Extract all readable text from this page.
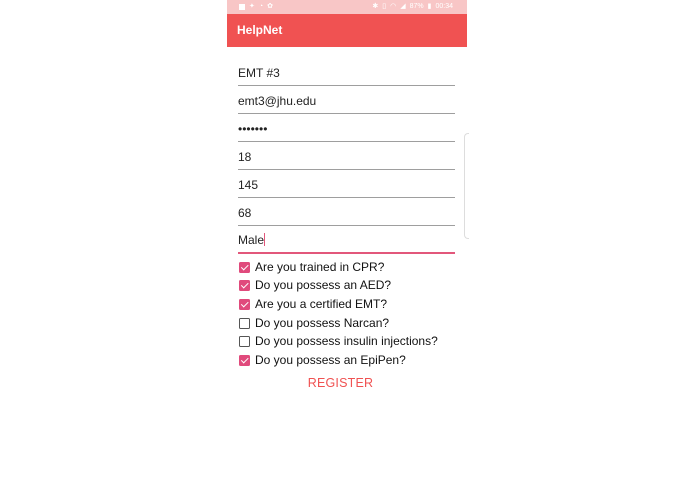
✦ ◔ ✿	✱ ▯ ◠ ◢ 87% ▮ 00:34
HelpNet
EMT #3
emt3@jhu.edu
•••••••
18
145
68
Male
Are you trained in CPR?
Do you possess an AED?
Are you a certified EMT?
Do you possess Narcan?
Do you possess insulin injections?
Do you possess an EpiPen?
REGISTER
